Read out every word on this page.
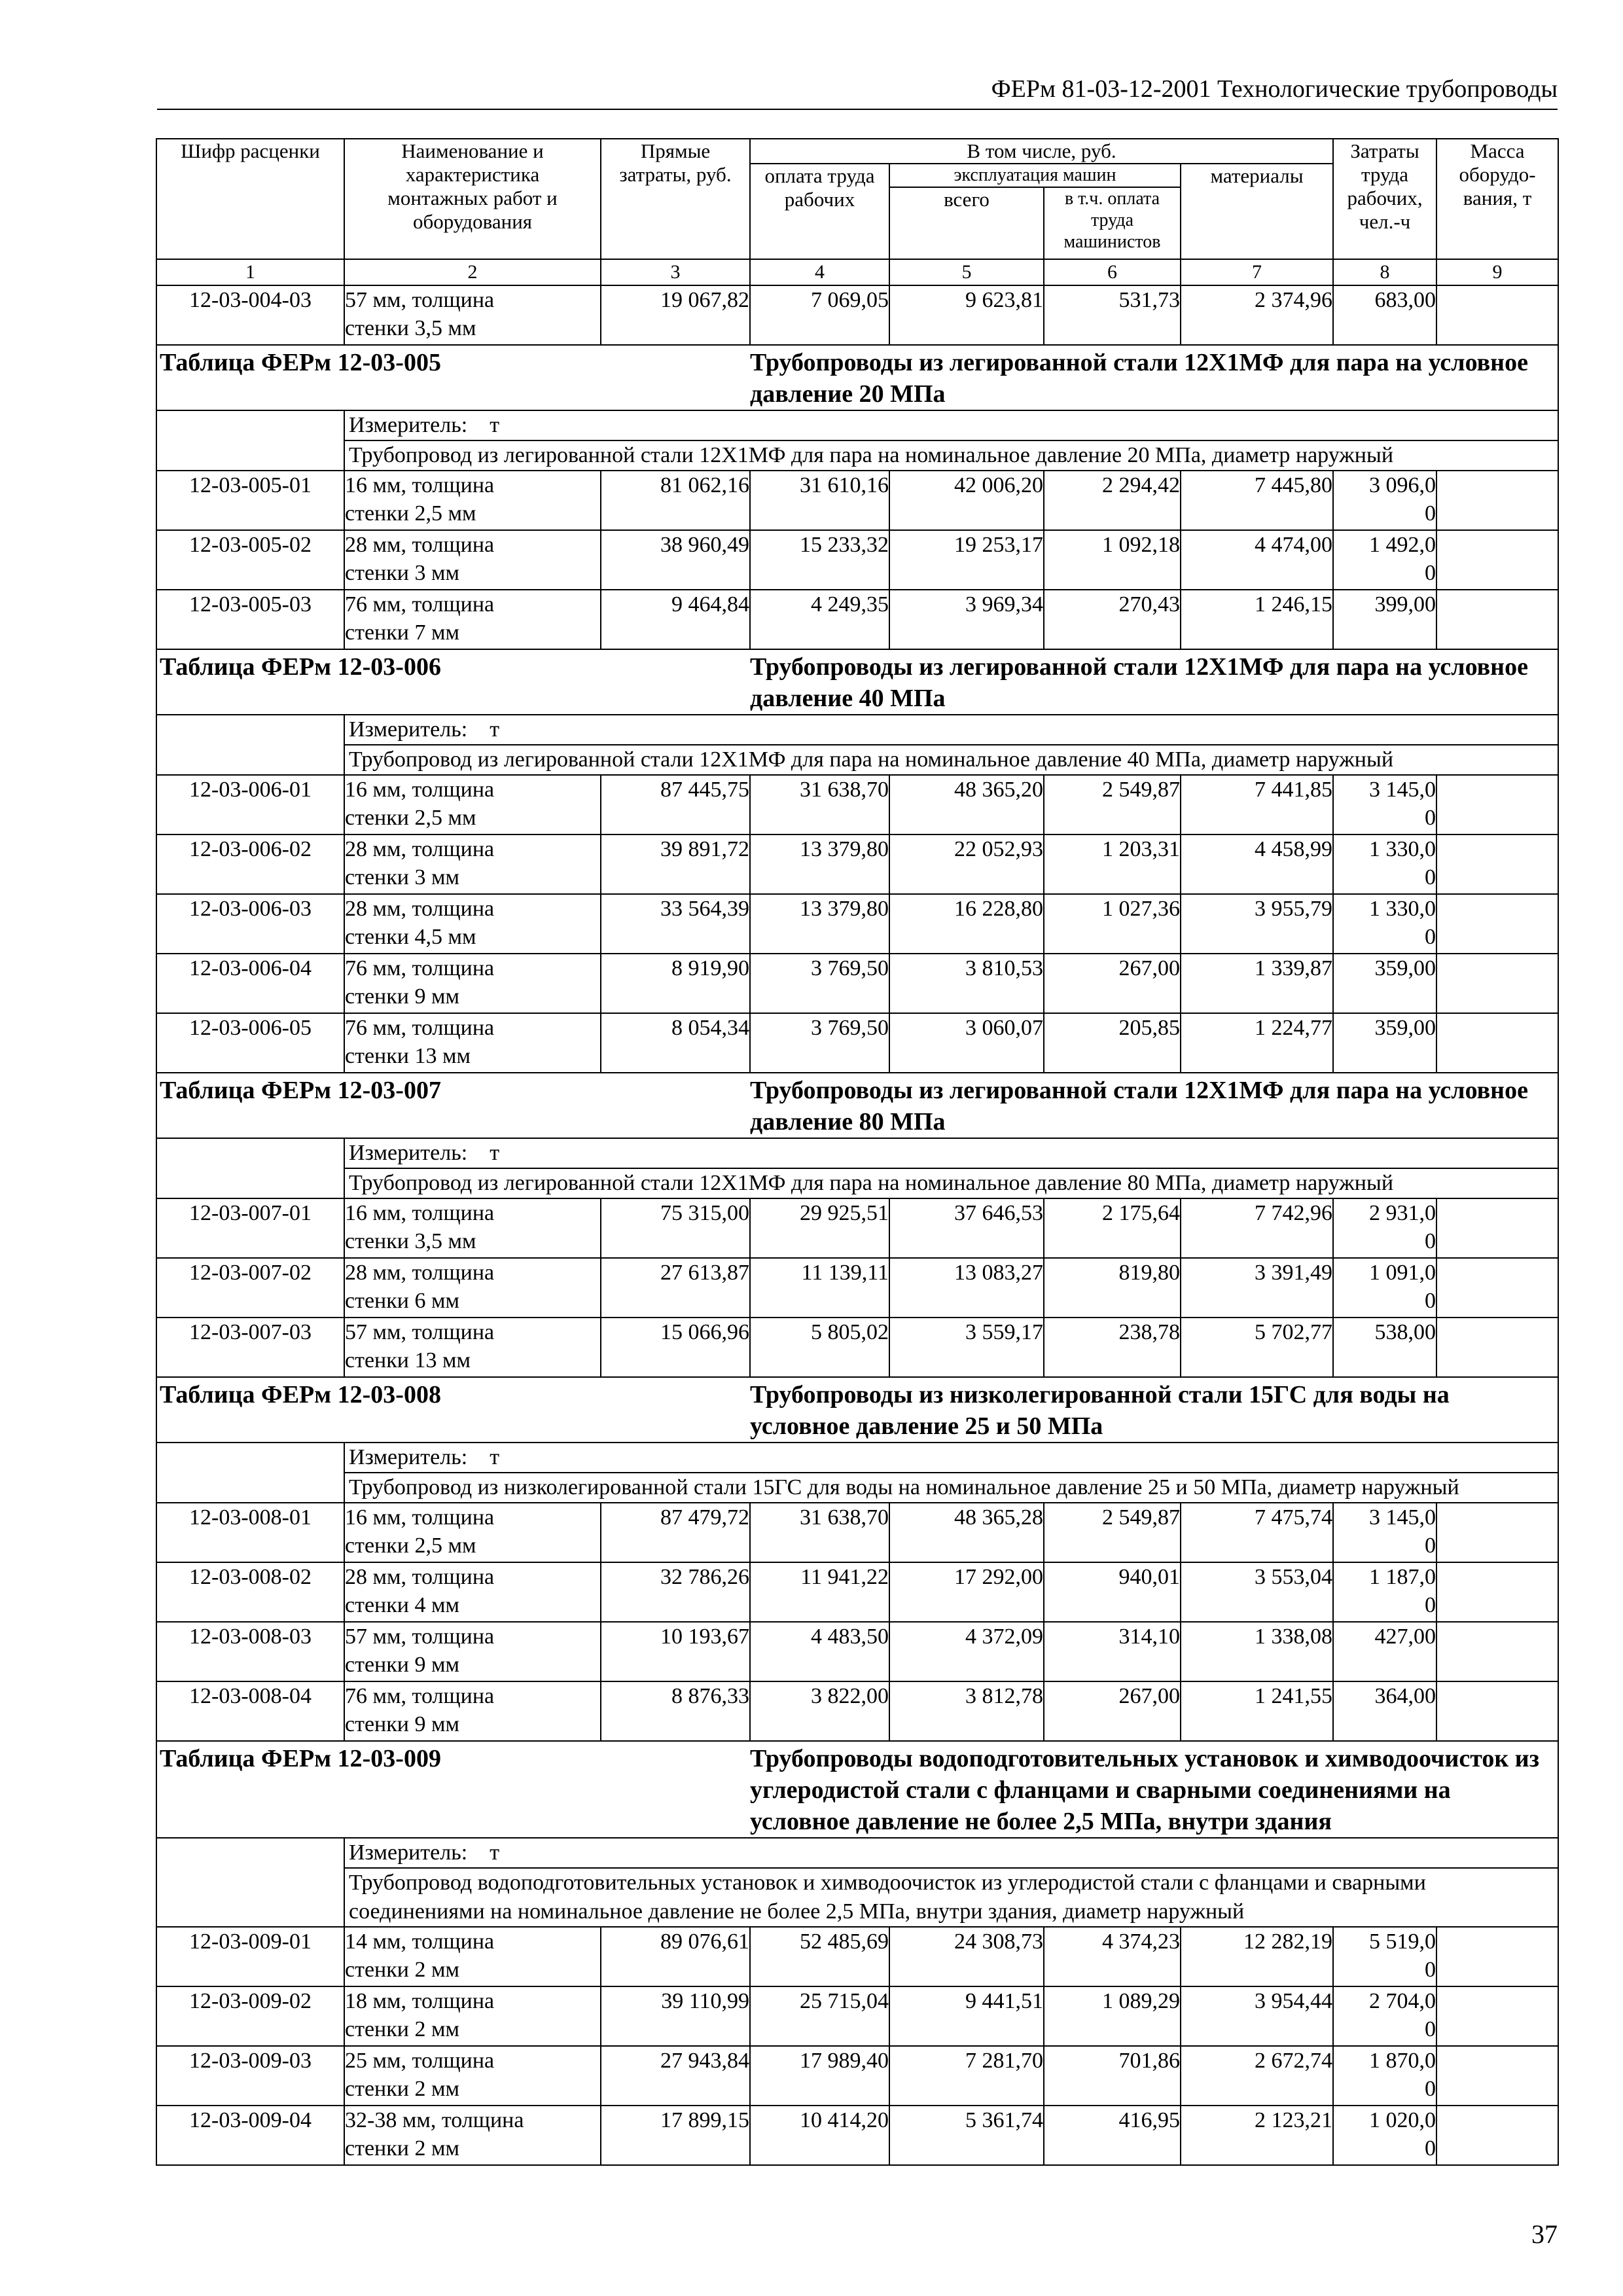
ФЕРм 81-03-12-2001 Технологические трубопроводы
Шифр расценки	Наименование и
характеристика
монтажных работ и
оборудования	Прямые
затраты, руб.	В том числе, руб.				Затраты
труда
рабочих,
чел.-ч	Масса
оборудо-
вания, т
			оплата труда
рабочих	эксплуатация машин		материалы		
				всего	в т.ч. оплата
труда
машинистов			
1	2	3	4	5	6	7	8	9
12-03-004-03	57 мм, толщина
стенки 3,5 мм	19 067,82	7 069,05	9 623,81	531,73	2 374,96	683,00	

Таблица ФЕРм 12-03-005			Трубопроводы из легированной стали 12Х1МФ для пара на условное давление 20 МПа					

	Измеритель: т							
	Трубопровод из легированной стали 12Х1МФ для пара на номинальное давление 20 МПа, диаметр наружный							
12-03-005-01	16 мм, толщина
стенки 2,5 мм	81 062,16	31 610,16	42 006,20	2 294,42	7 445,80	3 096,0
0	

12-03-005-02	28 мм, толщина
стенки 3 мм	38 960,49	15 233,32	19 253,17	1 092,18	4 474,00	1 492,0
0	

12-03-005-03	76 мм, толщина
стенки 7 мм	9 464,84	4 249,35	3 969,34	270,43	1 246,15	399,00	

Таблица ФЕРм 12-03-006			Трубопроводы из легированной стали 12Х1МФ для пара на условное давление 40 МПа					

	Измеритель: т							
	Трубопровод из легированной стали 12Х1МФ для пара на номинальное давление 40 МПа, диаметр наружный							
12-03-006-01	16 мм, толщина
стенки 2,5 мм	87 445,75	31 638,70	48 365,20	2 549,87	7 441,85	3 145,0
0	

12-03-006-02	28 мм, толщина
стенки 3 мм	39 891,72	13 379,80	22 052,93	1 203,31	4 458,99	1 330,0
0	

12-03-006-03	28 мм, толщина
стенки 4,5 мм	33 564,39	13 379,80	16 228,80	1 027,36	3 955,79	1 330,0
0	

12-03-006-04	76 мм, толщина
стенки 9 мм	8 919,90	3 769,50	3 810,53	267,00	1 339,87	359,00	

12-03-006-05	76 мм, толщина
стенки 13 мм	8 054,34	3 769,50	3 060,07	205,85	1 224,77	359,00	

Таблица ФЕРм 12-03-007			Трубопроводы из легированной стали 12Х1МФ для пара на условное давление 80 МПа					

	Измеритель: т							
	Трубопровод из легированной стали 12Х1МФ для пара на номинальное давление 80 МПа, диаметр наружный							
12-03-007-01	16 мм, толщина
стенки 3,5 мм	75 315,00	29 925,51	37 646,53	2 175,64	7 742,96	2 931,0
0	

12-03-007-02	28 мм, толщина
стенки 6 мм	27 613,87	11 139,11	13 083,27	819,80	3 391,49	1 091,0
0	

12-03-007-03	57 мм, толщина
стенки 13 мм	15 066,96	5 805,02	3 559,17	238,78	5 702,77	538,00	

Таблица ФЕРм 12-03-008			Трубопроводы из низколегированной стали 15ГС для воды на условное давление 25 и 50 МПа					

	Измеритель: т							
	Трубопровод из низколегированной стали 15ГС для воды на номинальное давление 25 и 50 МПа, диаметр наружный							
12-03-008-01	16 мм, толщина
стенки 2,5 мм	87 479,72	31 638,70	48 365,28	2 549,87	7 475,74	3 145,0
0	

12-03-008-02	28 мм, толщина
стенки 4 мм	32 786,26	11 941,22	17 292,00	940,01	3 553,04	1 187,0
0	

12-03-008-03	57 мм, толщина
стенки 9 мм	10 193,67	4 483,50	4 372,09	314,10	1 338,08	427,00	

12-03-008-04	76 мм, толщина
стенки 9 мм	8 876,33	3 822,00	3 812,78	267,00	1 241,55	364,00	

Таблица ФЕРм 12-03-009			Трубопроводы водоподготовительных установок и химводоочисток из углеродистой стали с фланцами и сварными соединениями на условное давление не более 2,5 МПа, внутри здания					

	Измеритель: т							
	Трубопровод водоподготовительных установок и химводоочисток из углеродистой стали с фланцами и сварными соединениями на номинальное давление не более 2,5 МПа, внутри здания, диаметр наружный							
12-03-009-01	14 мм, толщина
стенки 2 мм	89 076,61	52 485,69	24 308,73	4 374,23	12 282,19	5 519,0
0	

12-03-009-02	18 мм, толщина
стенки 2 мм	39 110,99	25 715,04	9 441,51	1 089,29	3 954,44	2 704,0
0	

12-03-009-03	25 мм, толщина
стенки 2 мм	27 943,84	17 989,40	7 281,70	701,86	2 672,74	1 870,0
0	

12-03-009-04	32-38 мм, толщина
стенки 2 мм	17 899,15	10 414,20	5 361,74	416,95	2 123,21	1 020,0
0	

37
